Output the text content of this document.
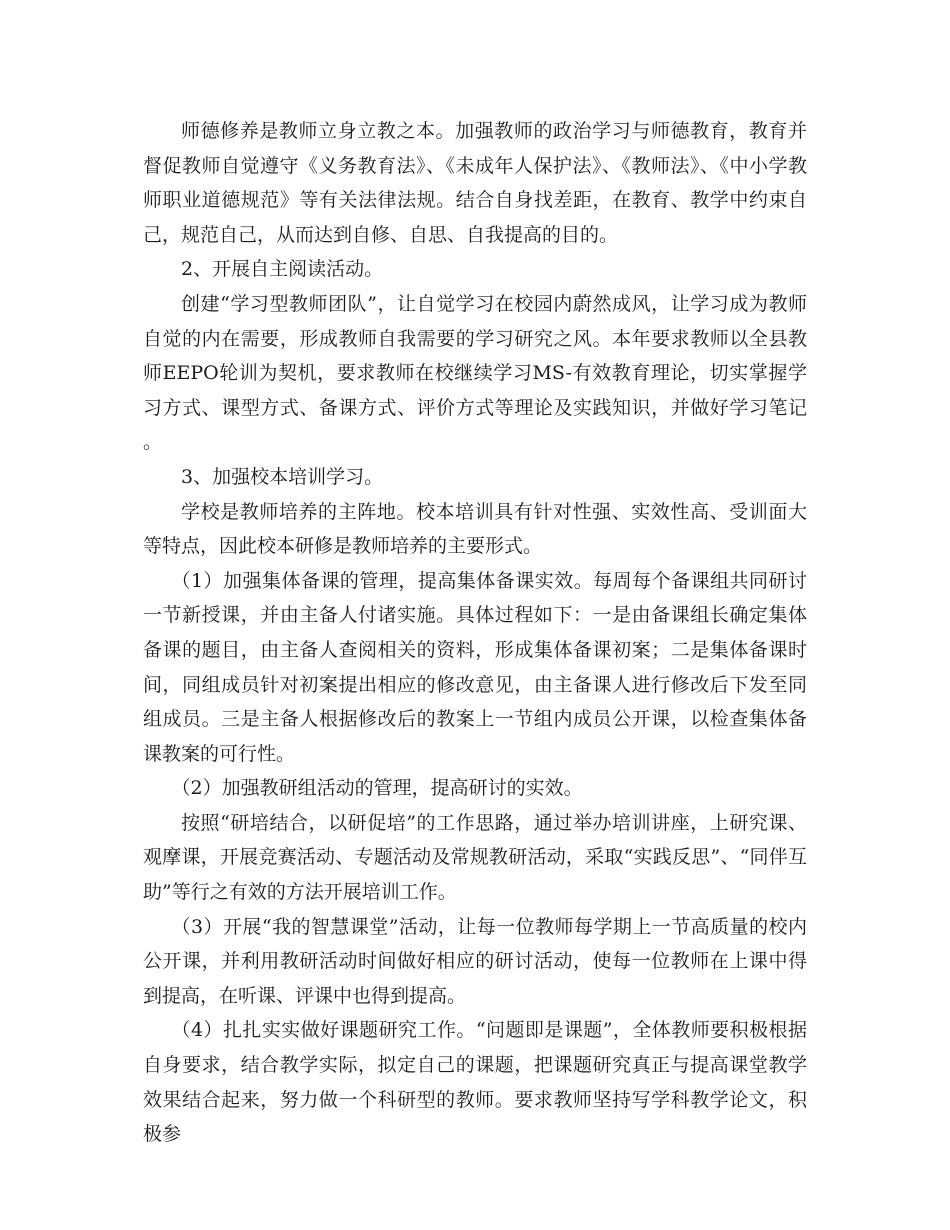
师德修养是教师立身立教之本。加强教师的政治学习与师德教育，教育并督促教师自觉遵守《义务教育法》、《未成年人保护法》、《教师法》、《中小学教师职业道德规范》等有关法律法规。结合自身找差距，在教育、教学中约束自己，规范自己，从而达到自修、自思、自我提高的目的。

2、开展自主阅读活动。

创建“学习型教师团队”，让自觉学习在校园内蔚然成风，让学习成为教师自觉的内在需要，形成教师自我需要的学习研究之风。本年要求教师以全县教师EEPO轮训为契机，要求教师在校继续学习MS-有效教育理论，切实掌握学习方式、课型方式、备课方式、评价方式等理论及实践知识，并做好学习笔记。

3、加强校本培训学习。

学校是教师培养的主阵地。校本培训具有针对性强、实效性高、受训面大等特点，因此校本研修是教师培养的主要形式。

（1）加强集体备课的管理，提高集体备课实效。每周每个备课组共同研讨一节新授课，并由主备人付诸实施。具体过程如下：一是由备课组长确定集体备课的题目，由主备人查阅相关的资料，形成集体备课初案；二是集体备课时间，同组成员针对初案提出相应的修改意见，由主备课人进行修改后下发至同组成员。三是主备人根据修改后的教案上一节组内成员公开课，以检查集体备课教案的可行性。

（2）加强教研组活动的管理，提高研讨的实效。

按照“研培结合，以研促培”的工作思路，通过举办培训讲座，上研究课、观摩课，开展竞赛活动、专题活动及常规教研活动，采取“实践反思”、“同伴互助”等行之有效的方法开展培训工作。

（3）开展“我的智慧课堂”活动，让每一位教师每学期上一节高质量的校内公开课，并利用教研活动时间做好相应的研讨活动，使每一位教师在上课中得到提高，在听课、评课中也得到提高。

（4）扎扎实实做好课题研究工作。“问题即是课题”，全体教师要积极根据自身要求，结合教学实际，拟定自己的课题，把课题研究真正与提高课堂教学效果结合起来，努力做一个科研型的教师。要求教师坚持写学科教学论文，积极参
